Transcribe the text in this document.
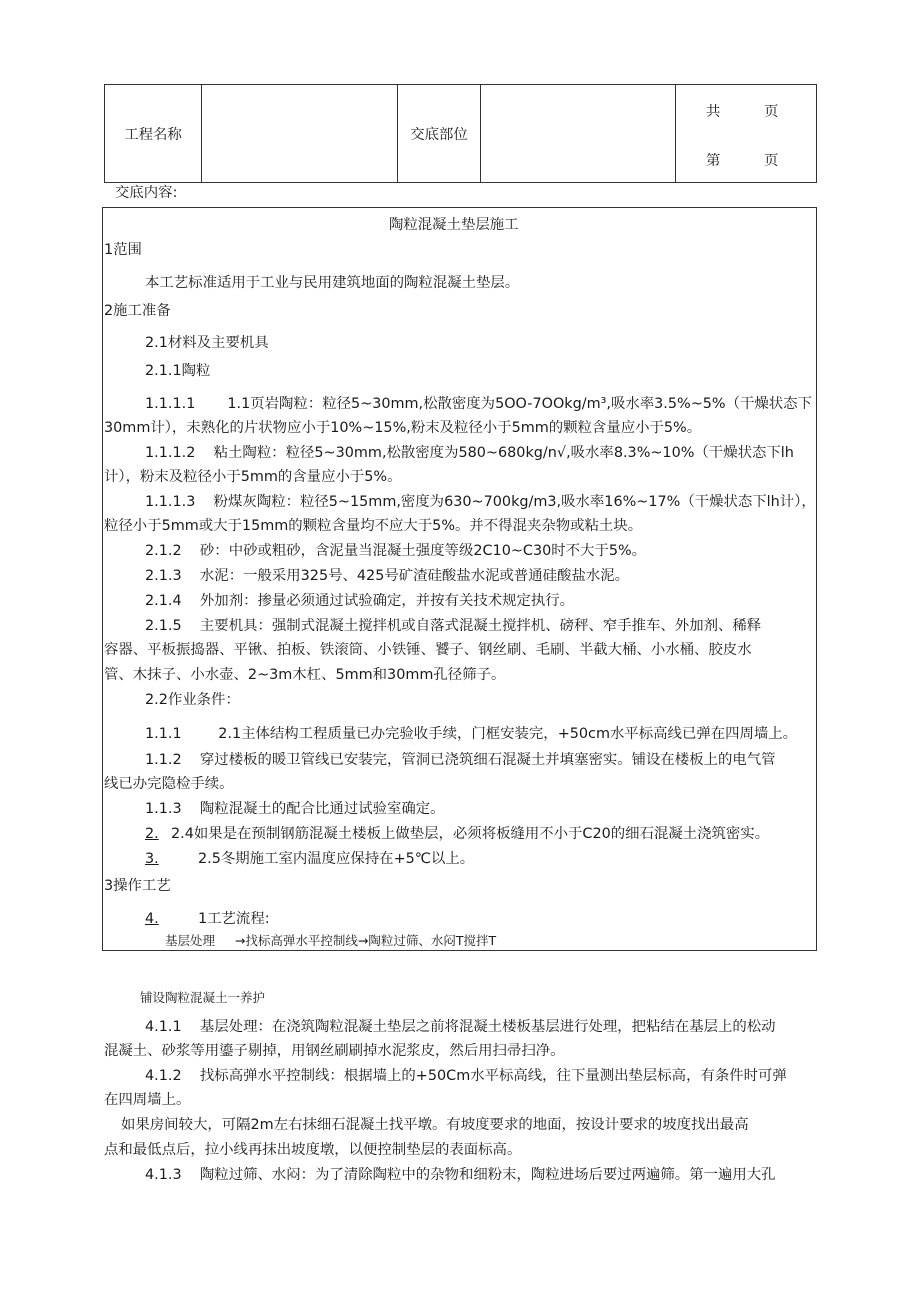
工程名称		交底部位		
共	页
第	页
交底内容:
陶粒混凝土垫层施工
1范围
本工艺标准适用于工业与民用建筑地面的陶粒混凝土垫层。
2施工准备
2.1材料及主要机具
2.1.1陶粒
1.1.1.1       1.1页岩陶粒：粒径5~30mm,松散密度为5OO-7OOkg∕m³,吸水率3.5%~5%（干燥状态下
30mm计），未熟化的片状物应小于10%~15%,粉末及粒径小于5mm的颗粒含量应小于5%。
1.1.1.2    粘土陶粒：粒径5~30mm,松散密度为580~680kg∕n√,吸水率8.3%~10%（干燥状态下lh
计），粉末及粒径小于5mm的含量应小于5%。
1.1.1.3    粉煤灰陶粒：粒径5~15mm,密度为630~700kg∕m3,吸水率16%~17%（干燥状态下lh计），
粒径小于5mm或大于15mm的颗粒含量均不应大于5%。并不得混夹杂物或粘土块。
2.1.2    砂：中砂或粗砂，含泥量当混凝土强度等级2C10~C30时不大于5%。
2.1.3    水泥：一般采用325号、425号矿渣硅酸盐水泥或普通硅酸盐水泥。
2.1.4    外加剂：掺量必须通过试验确定，并按有关技术规定执行。
2.1.5    主要机具：强制式混凝土搅拌机或自落式混凝土搅拌机、磅秤、窄手推车、外加剂、稀释
容器、平板振捣器、平锹、拍板、铁滚筒、小铁锤、饕子、钢丝刷、毛刷、半截大桶、小水桶、胶皮水
管、木抹子、小水壶、2~3m木杠、5mm和30mm孔径筛子。
2.2作业条件：
1.1.1        2.1主体结构工程质量已办完验收手续，门框安装完，+50cm水平标高线已弹在四周墙上。
1.1.2    穿过楼板的暖卫管线已安装完，管洞已浇筑细石混凝土并填塞密实。铺设在楼板上的电气管
线已办完隐检手续。
1.1.3    陶粒混凝土的配合比通过试验室确定。
2. 2.4如果是在预制钢筋混凝土楼板上做垫层，必须将板缝用不小于C20的细石混凝土浇筑密实。
3.	2.5冬期施工室内温度应保持在+5℃以上。
3操作工艺
4.	1工艺流程:
基层处理     →找标高弹水平控制线→陶粒过筛、水闷T搅拌T
铺设陶粒混凝土一养护
4.1.1    基层处理：在浇筑陶粒混凝土垫层之前将混凝土楼板基层进行处理，把粘结在基层上的松动
混凝土、砂浆等用鎏子剔掉，用钢丝刷刷掉水泥浆皮，然后用扫帚扫净。
4.1.2    找标高弹水平控制线：根据墙上的+50Cm水平标高线，往下量测出垫层标高，有条件时可弹
在四周墙上。
如果房间较大，可隔2m左右抹细石混凝土找平墩。有坡度要求的地面，按设计要求的坡度找出最高
点和最低点后，拉小线再抹出坡度墩，以便控制垫层的表面标高。
4.1.3    陶粒过筛、水闷：为了清除陶粒中的杂物和细粉末，陶粒进场后要过两遍筛。第一遍用大孔
